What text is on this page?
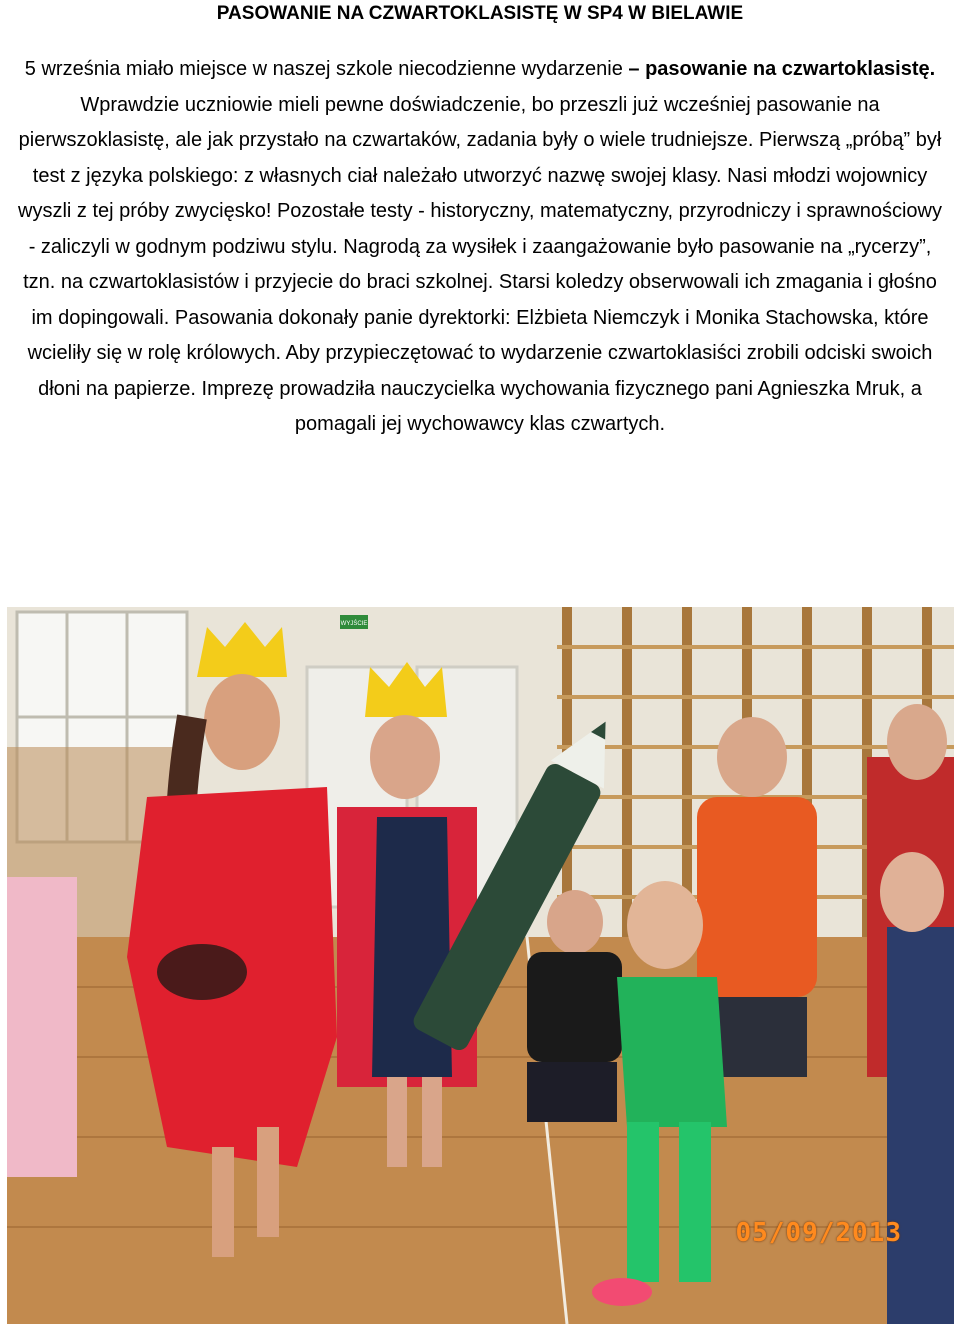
PASOWANIE NA CZWARTOKLASISTĘ W SP4 W BIELAWIE
5 września miało miejsce w naszej szkole niecodzienne wydarzenie – pasowanie na czwartoklasistę. Wprawdzie uczniowie mieli pewne doświadczenie, bo przeszli już wcześniej pasowanie na pierwszoklasistę, ale jak przystało na czwartaków, zadania były o wiele trudniejsze. Pierwszą „próbą” był test z języka polskiego: z własnych ciał należało utworzyć nazwę swojej klasy. Nasi młodzi wojownicy wyszli z tej próby zwycięsko! Pozostałe testy - historyczny, matematyczny, przyrodniczy i sprawnościowy - zaliczyli w godnym podziwu stylu. Nagrodą za wysiłek i zaangażowanie było pasowanie na „rycerzy”, tzn. na czwartoklasistów i przyjecie do braci szkolnej. Starsi koledzy obserwowali ich zmagania i głośno im dopingowali. Pasowania dokonały panie dyrektorki: Elżbieta Niemczyk i Monika Stachowska, które wcieliły się w rolę królowych. Aby przypieczętować to wydarzenie czwartoklasiści zrobili odciski swoich dłoni na papierze. Imprezę prowadziła nauczycielka wychowania fizycznego pani Agnieszka Mruk, a pomagali jej wychowawcy klas czwartych.
WYJŚCIE
05/09/2013
